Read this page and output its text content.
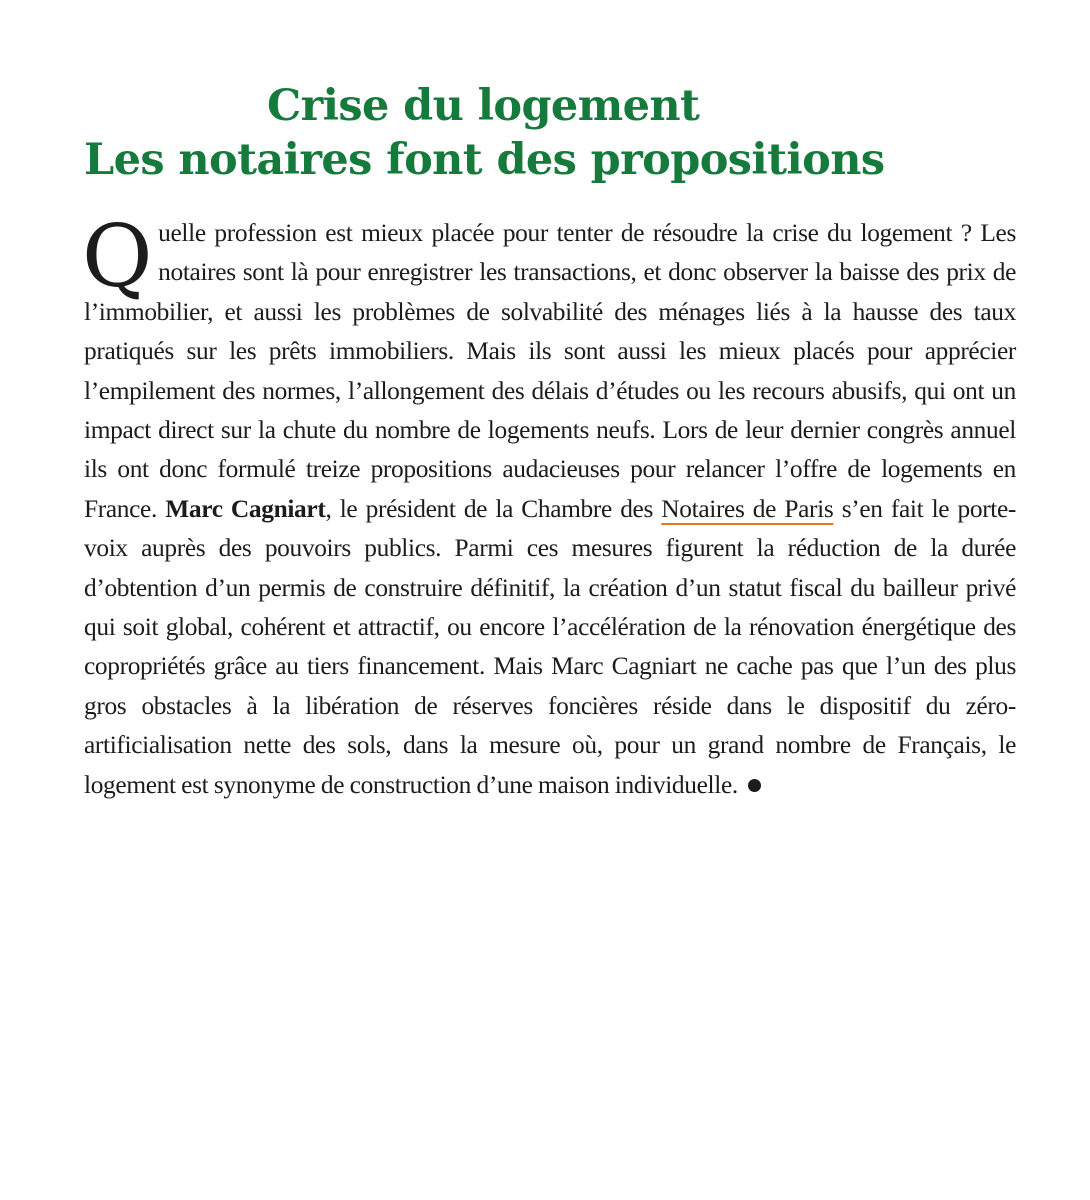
Crise du logement
Les notaires font des propositions

Quelle profession est mieux placée pour tenter de résoudre la crise du logement ? Les notaires sont là pour enregistrer les transactions, et donc observer la baisse des prix de l’immobilier, et aussi les problèmes de solvabilité des ménages liés à la hausse des taux pratiqués sur les prêts immobiliers. Mais ils sont aussi les mieux placés pour apprécier l’empilement des normes, l’allongement des délais d’études ou les recours abusifs, qui ont un impact direct sur la chute du nombre de logements neufs. Lors de leur dernier congrès annuel ils ont donc formulé treize propositions audacieuses pour relancer l’offre de logements en France. Marc Cagniart, le président de la Chambre des Notaires de Paris s’en fait le porte-voix auprès des pouvoirs publics. Parmi ces mesures figurent la réduction de la durée d’obtention d’un permis de construire définitif, la création d’un statut fiscal du bailleur privé qui soit global, cohérent et attractif, ou encore l’accélération de la rénovation énergétique des copropriétés grâce au tiers financement. Mais Marc Cagniart ne cache pas que l’un des plus gros obstacles à la libération de réserves foncières réside dans le dispositif du zéro-artificialisation nette des sols, dans la mesure où, pour un grand nombre de Français, le logement est synonyme de construction d’une maison individuelle.
